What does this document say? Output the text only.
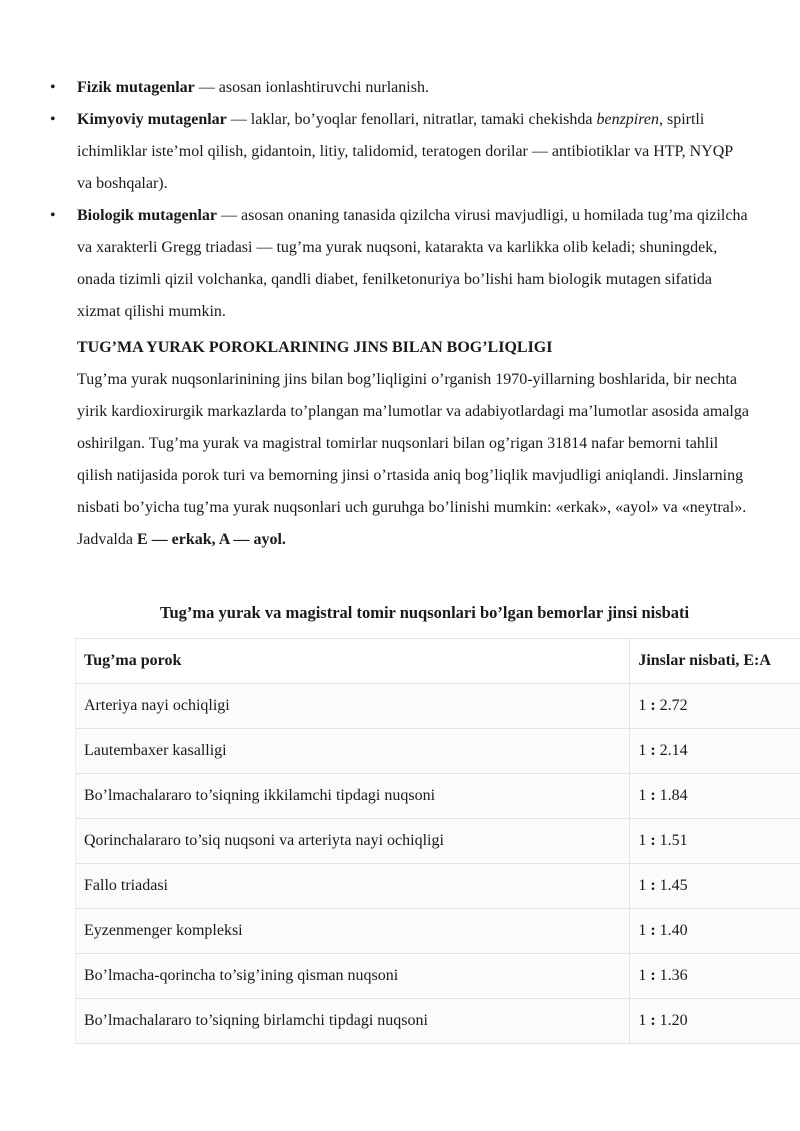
• Fizik mutagenlar — asosan ionlashtiruvchi nurlanish.
• Kimyoviy mutagenlar — laklar, bo’yoqlar fenollari, nitratlar, tamaki chekishda benzpiren, spirtli ichimliklar iste’mol qilish, gidantoin, litiy, talidomid, teratogen dorilar — antibiotiklar va HTP, NYQP va boshqalar).
• Biologik mutagenlar — asosan onaning tanasida qizilcha virusi mavjudligi, u homilada tug’ma qizilcha va xarakterli Gregg triadasi — tug’ma yurak nuqsoni, katarakta va karlikka olib keladi; shuningdek, onada tizimli qizil volchanka, qandli diabet, fenilketonuriya bo’lishi ham biologik mutagen sifatida xizmat qilishi mumkin.
TUG’MA YURAK POROKLARINING JINS BILAN BOG’LIQLIGI
Tug’ma yurak nuqsonlarinining jins bilan bog’liqligini o’rganish 1970-yillarning boshlarida, bir nechta yirik kardioxirurgik markazlarda to’plangan ma’lumotlar va adabiyotlardagi ma’lumotlar asosida amalga oshirilgan. Tug’ma yurak va magistral tomirlar nuqsonlari bilan og’rigan 31814 nafar bemorni tahlil qilish natijasida porok turi va bemorning jinsi o’rtasida aniq bog’liqlik mavjudligi aniqlandi. Jinslarning nisbati bo’yicha tug’ma yurak nuqsonlari uch guruhga bo’linishi mumkin: «erkak», «ayol» va «neytral». Jadvalda E — erkak, A — ayol.
Tug’ma yurak va magistral tomir nuqsonlari bo’lgan bemorlar jinsi nisbati
Tug’ma porok	Jinslar nisbati, E:A
Arteriya nayi ochiqligi	1 : 2.72
Lautembaxer kasalligi	1 : 2.14
Bo’lmachalararo to’siqning ikkilamchi tipdagi nuqsoni	1 : 1.84
Qorinchalararo to’siq nuqsoni va arteriyta nayi ochiqligi	1 : 1.51
Fallo triadasi	1 : 1.45
Eyzenmenger kompleksi	1 : 1.40
Bo’lmacha-qorincha to’sig’ining qisman nuqsoni	1 : 1.36
Bo’lmachalararo to’siqning birlamchi tipdagi nuqsoni	1 : 1.20
